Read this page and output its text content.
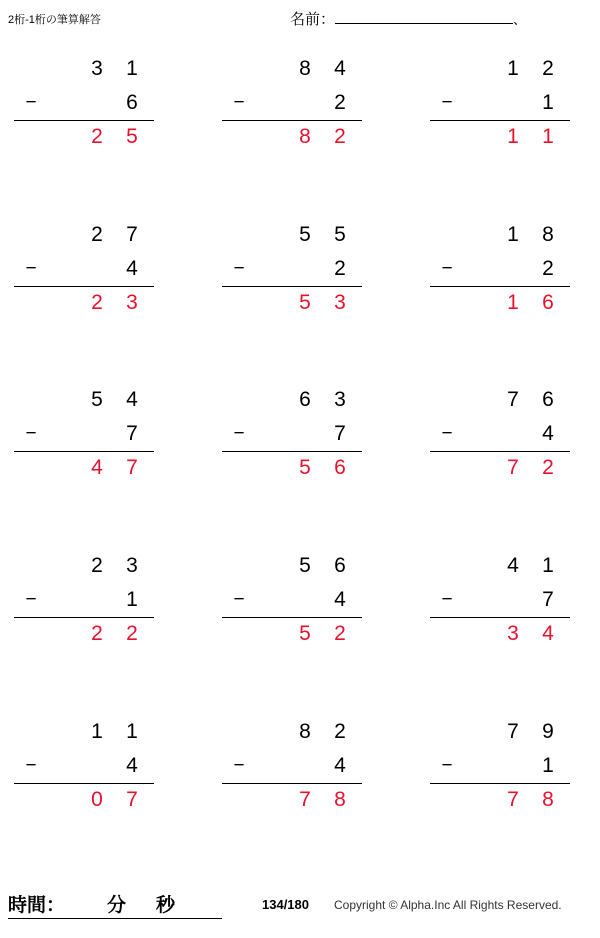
2桁-1桁の筆算解答	名前：	、
3 1
−	6
2 5
8 4
−	2
8 2
1 2
−	1
1 1
2 7
−	4
2 3
5 5
−	2
5 3
1 8
−	2
1 6
5 4
−	7
4 7
6 3
−	7
5 6
7 6
−	4
7 2
2 3
−	1
2 2
5 6
−	4
5 2
4 1
−	7
3 4
1 1
−	4
0 7
8 2
−	4
7 8
7 9
−	1
7 8
時間： 分 秒	134/180 Copyright © Alpha.Inc All Rights Reserved.
